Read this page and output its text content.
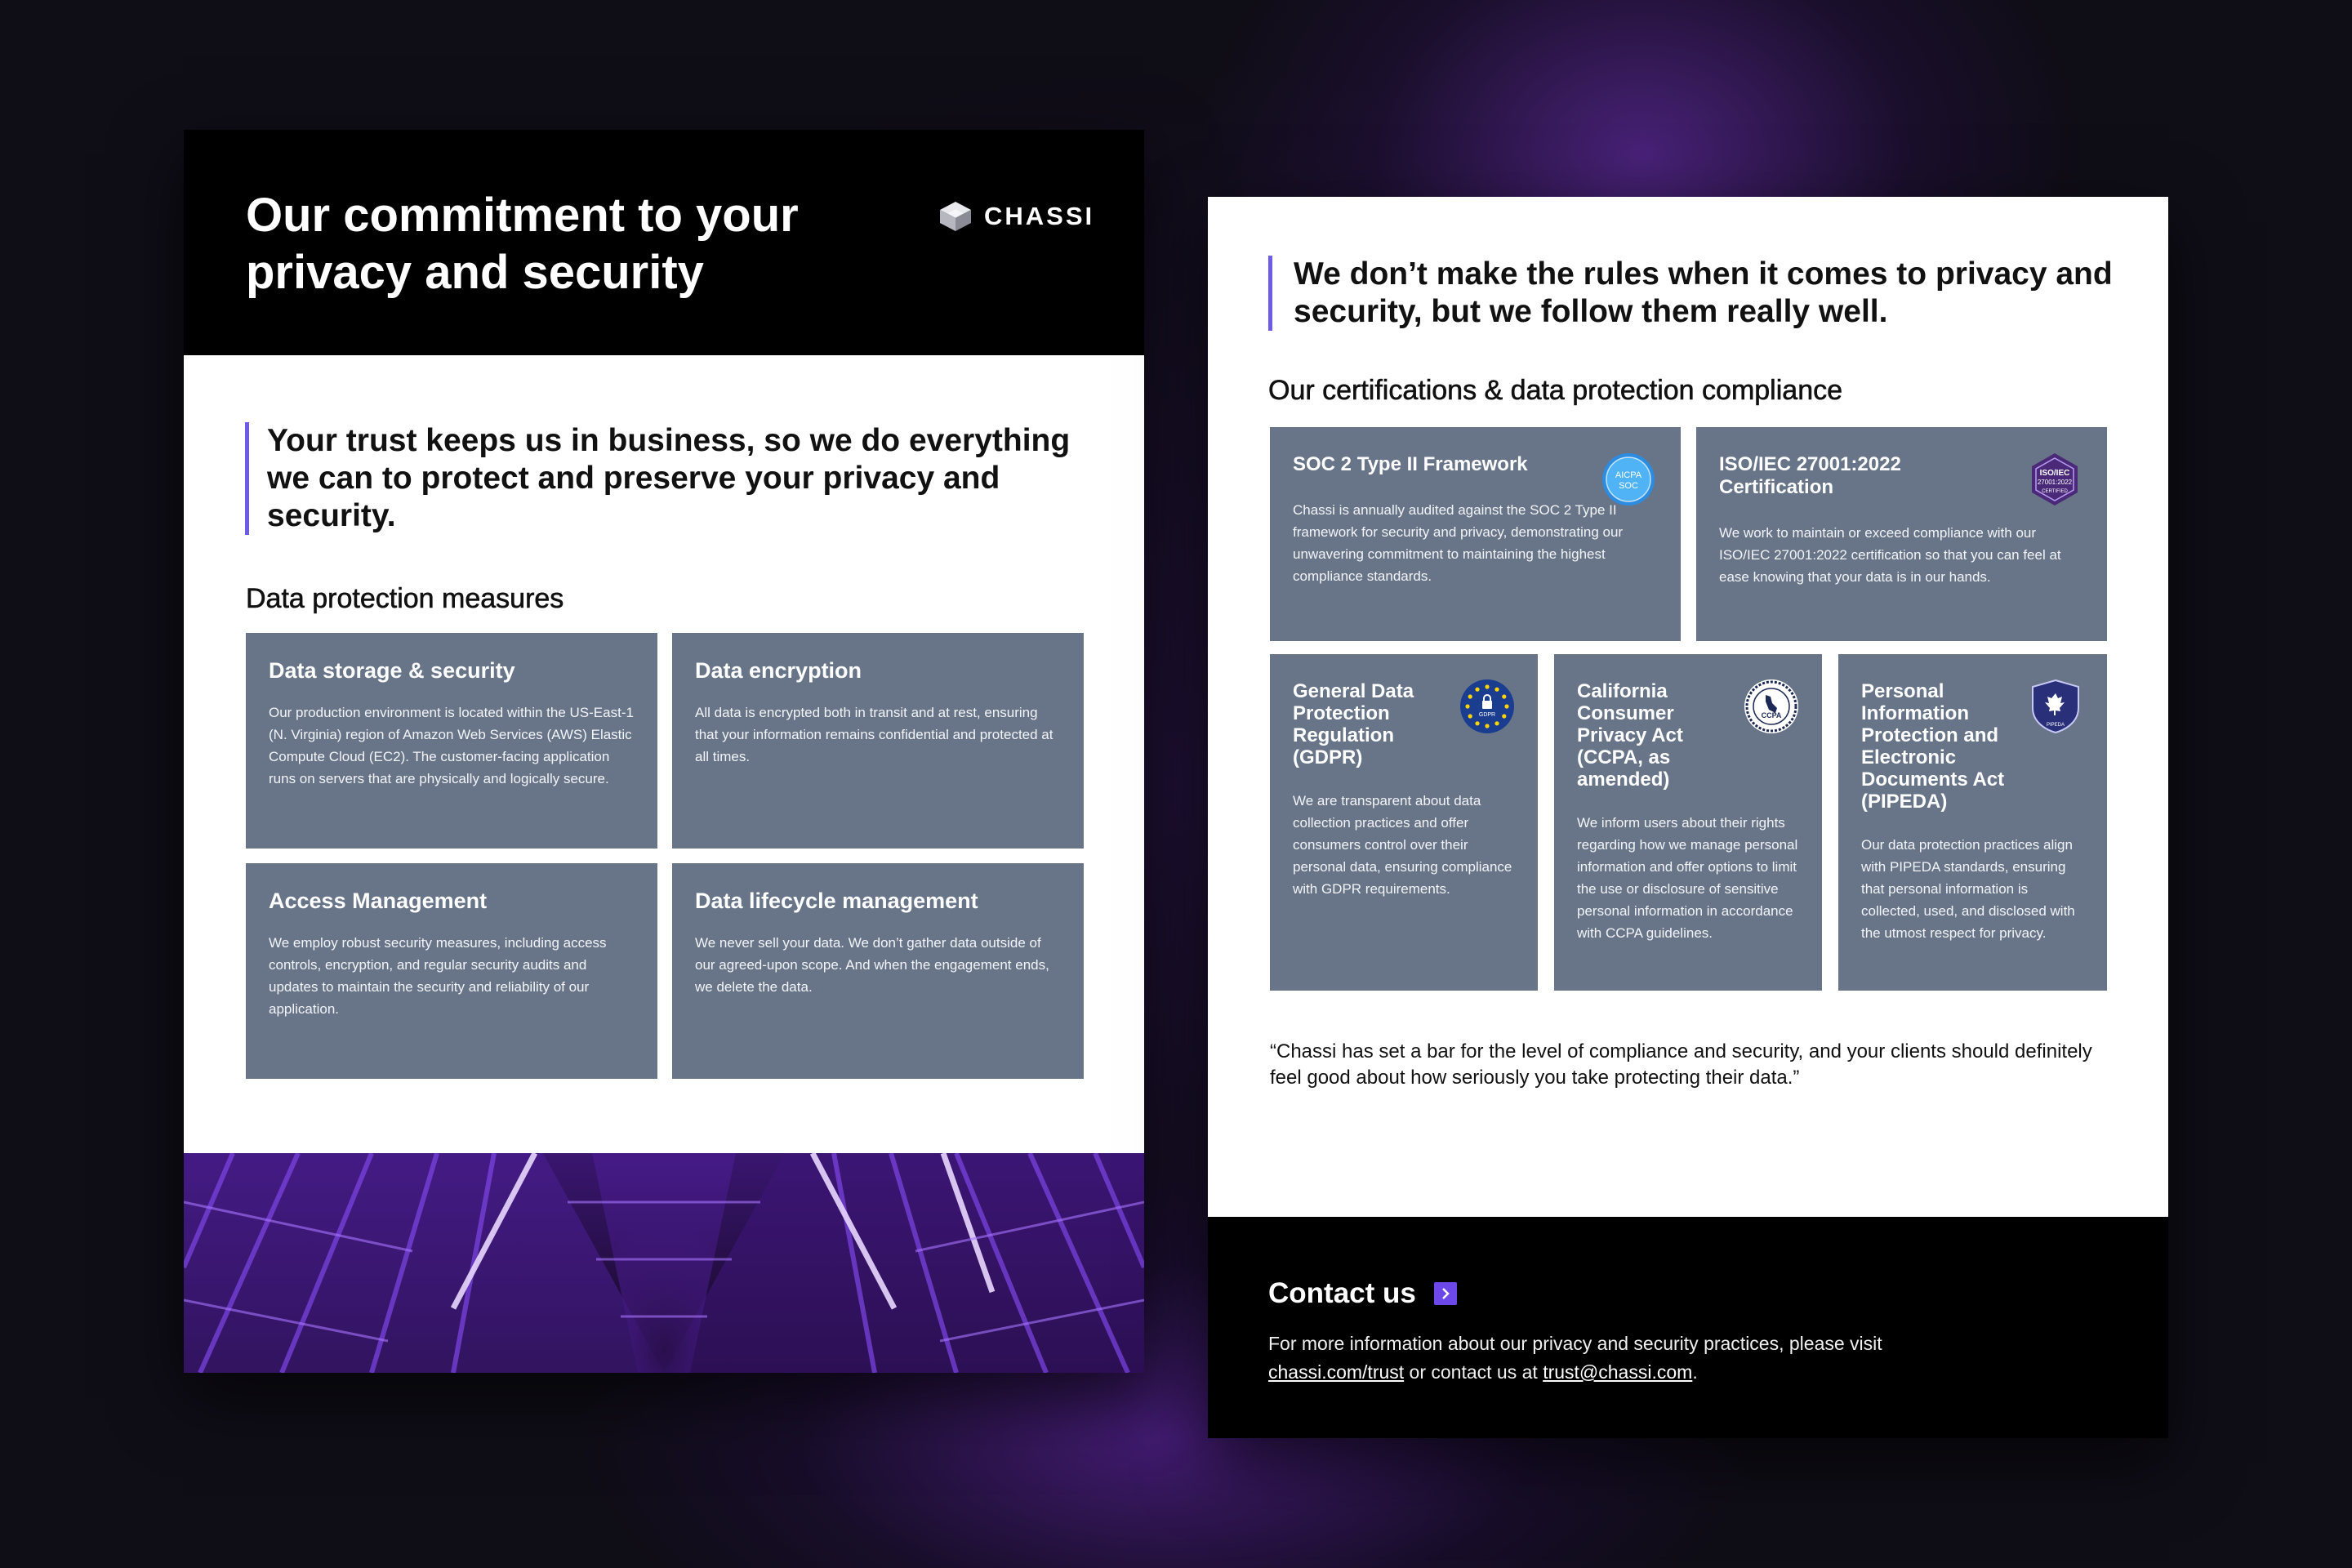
Our commitment to your
privacy and security
CHASSI
Your trust keeps us in business, so we do everything we can to protect and preserve your privacy and security.
Data protection measures
Data storage & security

Our production environment is located within the US-East-1 (N. Virginia) region of Amazon Web Services (AWS) Elastic Compute Cloud (EC2). The customer-facing application runs on servers that are physically and logically secure.

Data encryption

All data is encrypted both in transit and at rest, ensuring that your information remains confidential and protected at all times.

Access Management

We employ robust security measures, including access controls, encryption, and regular security audits and updates to maintain the security and reliability of our application.

Data lifecycle management

We never sell your data. We don’t gather data outside of our agreed-upon scope. And when the engagement ends, we delete the data.

We don’t make the rules when it comes to privacy and security, but we follow them really well.
Our certifications & data protection compliance
SOC 2 Type II Framework

Chassi is annually audited against the SOC 2 Type II framework for security and privacy, demonstrating our unwavering commitment to maintaining the highest compliance standards.

AICPA
SOC
ISO/IEC 27001:2022 Certification

We work to maintain or exceed compliance with our ISO/IEC 27001:2022 certification so that you can feel at ease knowing that your data is in our hands.

ISO/IEC
27001:2022
CERTIFIED
General Data Protection Regulation (GDPR)

We are transparent about data collection practices and offer consumers control over their personal data, ensuring compliance with GDPR requirements.

GDPR
California Consumer Privacy Act (CCPA, as amended)

We inform users about their rights regarding how we manage personal information and offer options to limit the use or disclosure of sensitive personal information in accordance with CCPA guidelines.

CCPA
Personal Information Protection and Electronic Documents Act (PIPEDA)

Our data protection practices align with PIPEDA standards, ensuring that personal information is collected, used, and disclosed with the utmost respect for privacy.

PIPEDA

“Chassi has set a bar for the level of compliance and security, and your clients should definitely feel good about how seriously you take protecting their data.”

Contact us

For more information about our privacy and security practices, please visit
chassi.com/trust or contact us at trust@chassi.com.
